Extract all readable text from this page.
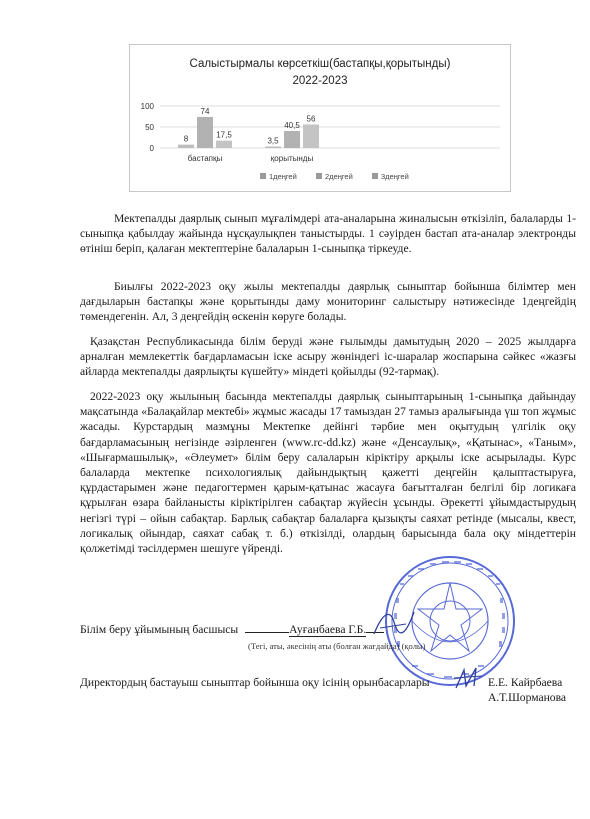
Салыстырмалы көрсеткіш(бастапқы,қорытынды)
2022-2023
0
50
100
8
74
17,5
бастапқы
3,5
40,5
56
қорытынды
1деңгей	2деңгей	3деңгей

Мектепалды даярлық сынып мұғалімдері ата-аналарына жиналысын өткізіліп, балаларды 1-сыныпқа қабылдау жайында нұсқаулықпен таныстырды. 1 сәуірден бастап ата-аналар электронды өтініш беріп, қалаған мектептеріне балаларын 1-сыныпқа тіркеуде.

Биылғы 2022-2023 оқу жылы мектепалды даярлық сыныптар бойынша білімтер мен дағдыларын бастапқы және қорытынды даму мониторинг салыстыру нәтижесінде 1деңгейдің төмендегенін. Ал, 3 деңгейдің өскенін көруге болады.

Қазақстан Республикасында білім беруді және ғылымды дамытудың 2020 – 2025 жылдарға арналған мемлекеттік бағдарламасын іске асыру жөніндегі іс-шаралар жоспарына сәйкес «жазғы айларда мектепалды даярлықты күшейту» міндеті қойылды (92-тармақ).

2022-2023 оқу жылының басында мектепалды даярлық сыныптарының 1-сыныпқа дайындау мақсатында «Балақайлар мектебі» жұмыс жасады 17 тамыздан 27 тамыз аралығында үш топ жұмыс жасады. Курстардың мазмұны Мектепке дейінгі тәрбие мен оқытудың үлгілік оқу бағдарламасының негізінде әзірленген (www.rc-dd.kz) және «Денсаулық», «Қатынас», «Таным», «Шығармашылық», «Әлеумет» білім беру салаларын кіріктіру арқылы іске асырылады. Курс балаларда мектепке психологиялық дайындықтың қажетті деңгейін қалыптастыруға, құрдастарымен және педагогтермен қарым-қатынас жасауға бағытталған белгілі бір логикаға құрылған өзара байланысты кіріктірілген сабақтар жүйесін ұсынды. Әрекетті ұйымдастырудың негізгі түрі – ойын сабақтар. Барлық сабақтар балаларға қызықты саяхат ретінде (мысалы, квест, логикалық ойындар, саяхат сабақ т. б.) өткізілді, олардың барысында бала оқу міндеттерін қолжетімді тәсілдермен шешуге үйренді.

Білім беру ұйымының басшысы	Ауғанбаева Г.Б.
(Тегі, аты, әкесінің аты (болған жағдайда) (қолы)
Директордың бастауыш сыныптар бойынша оқу ісінің орынбасарлары	Е.Е. Кайрбаева
А.Т.Шорманова
